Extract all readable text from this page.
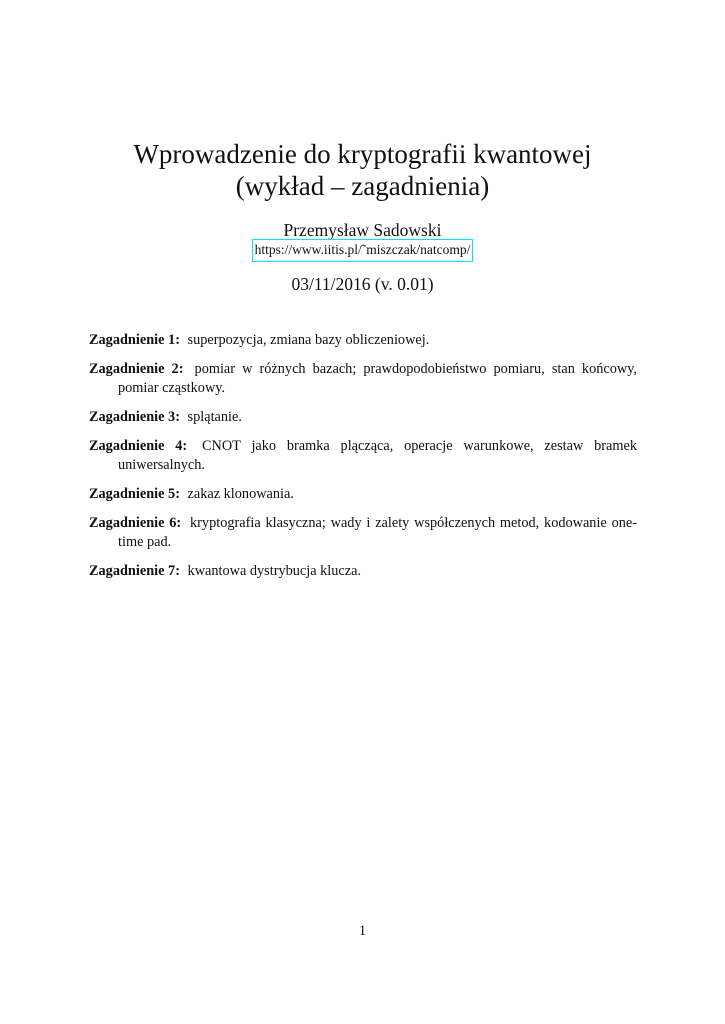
Wprowadzenie do kryptografii kwantowej

(wykład – zagadnienia)

Przemysław Sadowski
https://www.iitis.pl/˜miszczak/natcomp/
03/11/2016 (v. 0.01)
Zagadnienie 1: superpozycja, zmiana bazy obliczeniowej.
Zagadnienie 2: pomiar w różnych bazach; prawdopodobieństwo pomiaru, stan końcowy, pomiar cząstkowy.
Zagadnienie 3: splątanie.
Zagadnienie 4: CNOT jako bramka plącząca, operacje warunkowe, zestaw bramek uniwersalnych.
Zagadnienie 5: zakaz klonowania.
Zagadnienie 6: kryptografia klasyczna; wady i zalety współczenych metod, kodowanie one-time pad.
Zagadnienie 7: kwantowa dystrybucja klucza.
1
